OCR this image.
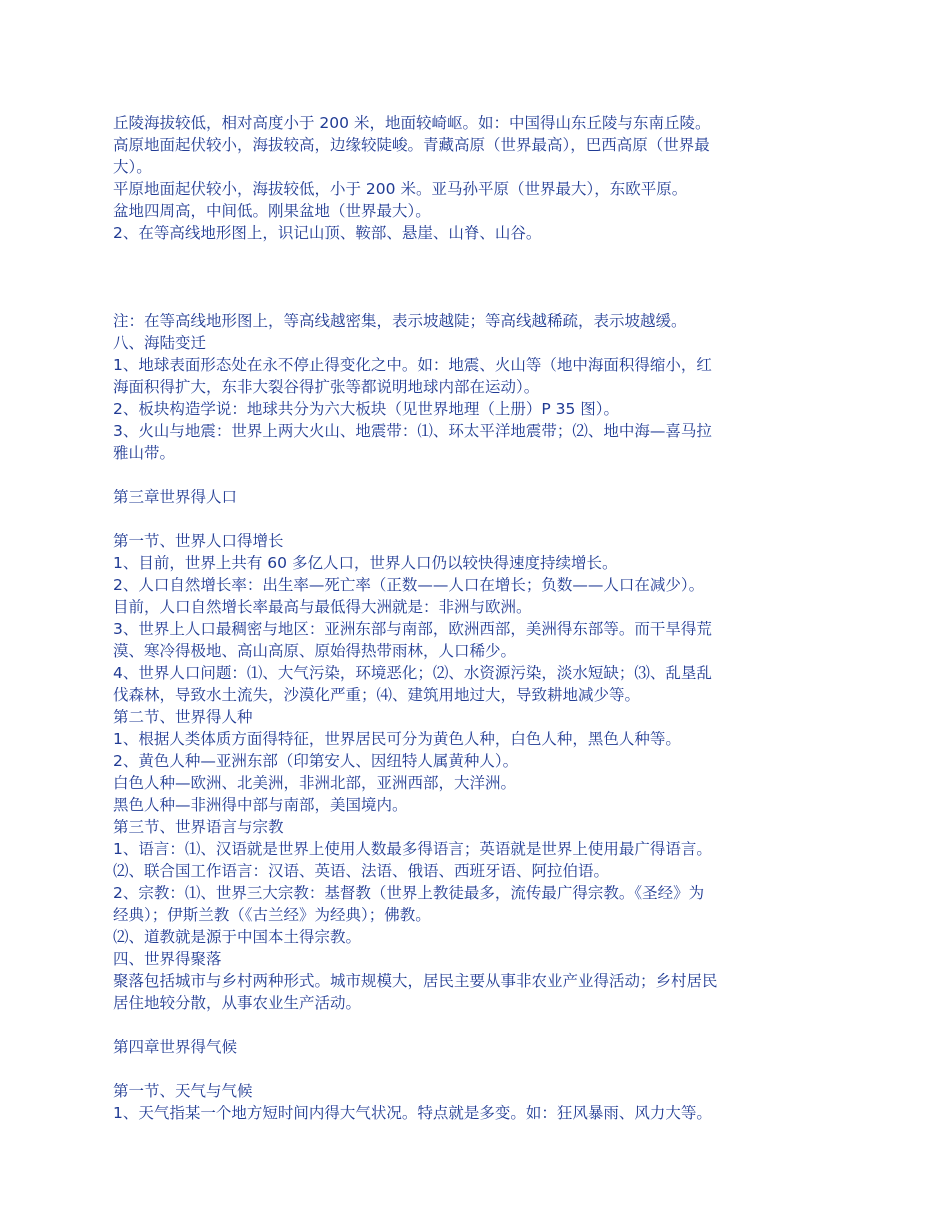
丘陵海拔较低，相对高度小于 200 米，地面较崎岖。如：中国得山东丘陵与东南丘陵。
高原地面起伏较小，海拔较高，边缘较陡峻。青藏高原（世界最高），巴西高原（世界最
大）。
平原地面起伏较小，海拔较低，小于 200 米。亚马孙平原（世界最大），东欧平原。
盆地四周高，中间低。刚果盆地（世界最大）。
2、在等高线地形图上，识记山顶、鞍部、悬崖、山脊、山谷。
注：在等高线地形图上，等高线越密集，表示坡越陡；等高线越稀疏，表示坡越缓。
八、海陆变迁
1、地球表面形态处在永不停止得变化之中。如：地震、火山等（地中海面积得缩小，红
海面积得扩大，东非大裂谷得扩张等都说明地球内部在运动）。
2、板块构造学说：地球共分为六大板块（见世界地理（上册）P 35 图）。
3、火山与地震：世界上两大火山、地震带：⑴、环太平洋地震带；⑵、地中海—喜马拉
雅山带。
第三章世界得人口
第一节、世界人口得增长
1、目前，世界上共有 60 多亿人口，世界人口仍以较快得速度持续增长。
2、人口自然增长率：出生率—死亡率（正数——人口在增长；负数——人口在减少）。
目前，人口自然增长率最高与最低得大洲就是：非洲与欧洲。
3、世界上人口最稠密与地区：亚洲东部与南部，欧洲西部，美洲得东部等。而干旱得荒
漠、寒冷得极地、高山高原、原始得热带雨林，人口稀少。
4、世界人口问题：⑴、大气污染，环境恶化；⑵、水资源污染，淡水短缺；⑶、乱垦乱
伐森林，导致水土流失，沙漠化严重；⑷、建筑用地过大，导致耕地减少等。
第二节、世界得人种
1、根据人类体质方面得特征，世界居民可分为黄色人种，白色人种，黑色人种等。
2、黄色人种—亚洲东部（印第安人、因纽特人属黄种人）。
白色人种—欧洲、北美洲，非洲北部，亚洲西部，大洋洲。
黑色人种—非洲得中部与南部，美国境内。
第三节、世界语言与宗教
1、语言：⑴、汉语就是世界上使用人数最多得语言；英语就是世界上使用最广得语言。
⑵、联合国工作语言：汉语、英语、法语、俄语、西班牙语、阿拉伯语。
2、宗教：⑴、世界三大宗教：基督教（世界上教徒最多，流传最广得宗教。《圣经》为
经典）；伊斯兰教（《古兰经》为经典）；佛教。
⑵、道教就是源于中国本土得宗教。
四、世界得聚落
聚落包括城市与乡村两种形式。城市规模大，居民主要从事非农业产业得活动；乡村居民
居住地较分散，从事农业生产活动。
第四章世界得气候
第一节、天气与气候
1、天气指某一个地方短时间内得大气状况。特点就是多变。如：狂风暴雨、风力大等。
